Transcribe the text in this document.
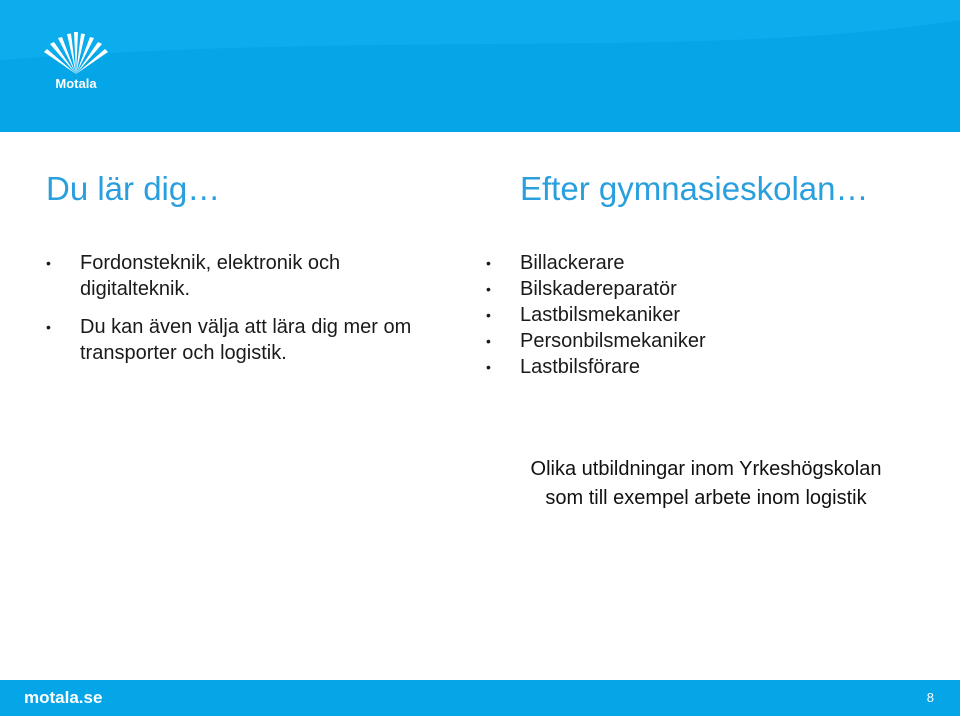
Motala
Du lär dig…	Efter gymnasieskolan…
• Fordonsteknik, elektronik och digitalteknik.
• Du kan även välja att lära dig mer om transporter och logistik.
• Billackerare
• Bilskadereparatör
• Lastbilsmekaniker
• Personbilsmekaniker
• Lastbilsförare
Olika utbildningar inom Yrkeshögskolan
som till exempel arbete inom logistik
motala.se	8
